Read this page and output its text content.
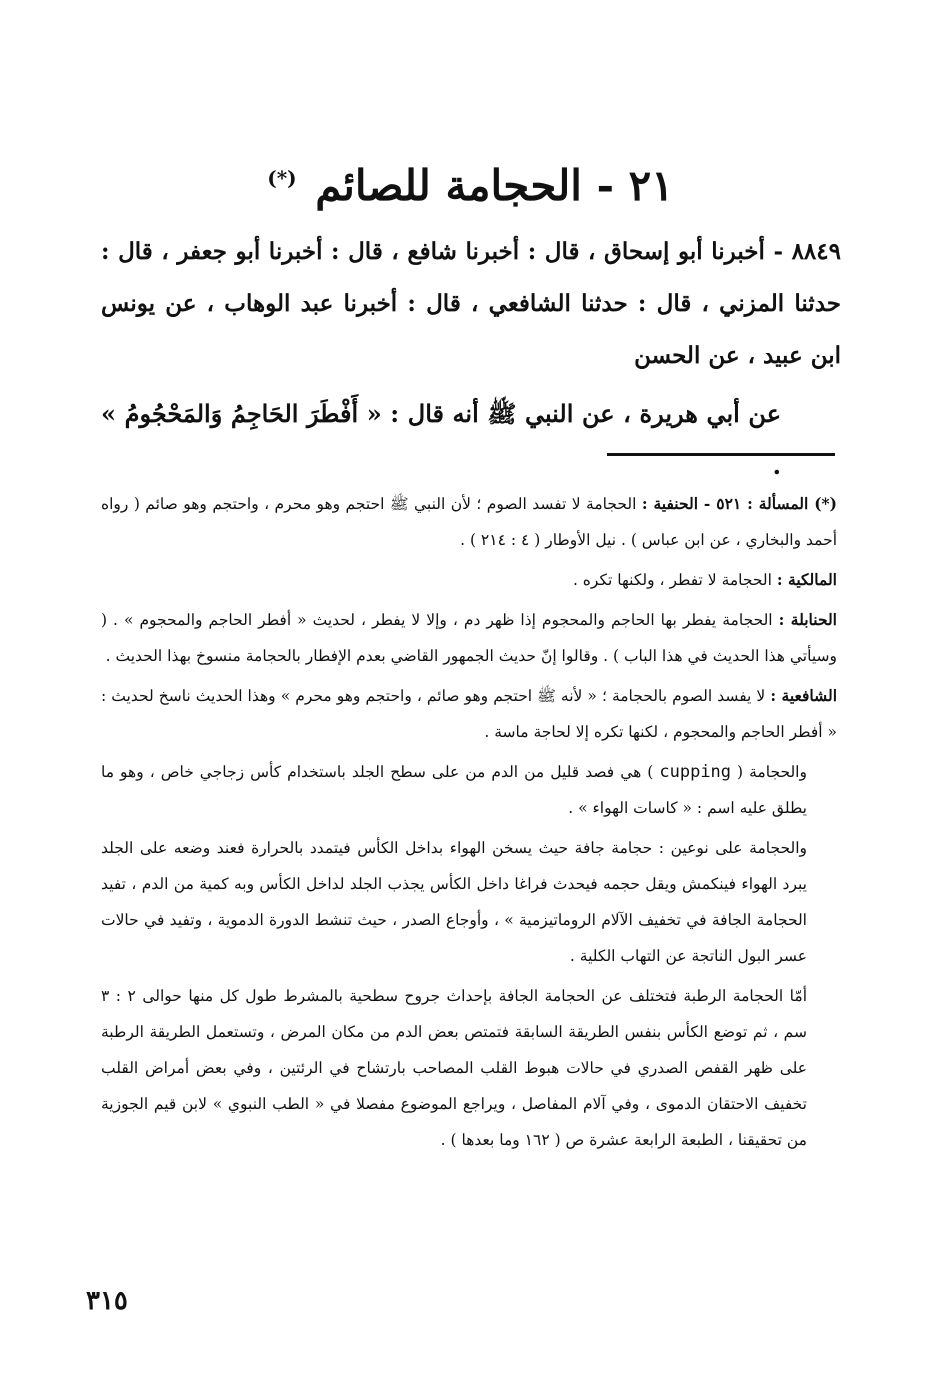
٢١ - الحجامة للصائم (*)

٨٨٤٩ - أخبرنا أبو إسحاق ، قال : أخبرنا شافع ، قال : أخبرنا أبو جعفر ، قال : حدثنا المزني ، قال : حدثنا الشافعي ، قال : أخبرنا عبد الوهاب ، عن يونس ابن عبيد ، عن الحسن

عن أبي هريرة ، عن النبي ﷺ أنه قال : « أَفْطَرَ الحَاجِمُ وَالمَحْجُومُ » .

(*) المسألة : ٥٢١ - الحنفية : الحجامة لا تفسد الصوم ؛ لأن النبي ﷺ احتجم وهو محرم ، واحتجم وهو صائم ( رواه أحمد والبخاري ، عن ابن عباس ) . نيل الأوطار ( ٤ : ٢١٤ ) .

المالكية : الحجامة لا تفطر ، ولكنها تكره .

الحنابلة : الحجامة يفطر بها الحاجم والمحجوم إذا ظهر دم ، وإلا لا يفطر ، لحديث « أفطر الحاجم والمحجوم » . ( وسيأتي هذا الحديث في هذا الباب ) . وقالوا إنّ حديث الجمهور القاضي بعدم الإفطار بالحجامة منسوخ بهذا الحديث .

الشافعية : لا يفسد الصوم بالحجامة ؛ « لأنه ﷺ احتجم وهو صائم ، واحتجم وهو محرم » وهذا الحديث ناسخ لحديث : « أفطر الحاجم والمحجوم ، لكنها تكره إلا لحاجة ماسة .

والحجامة ( cupping ) هي فصد قليل من الدم من على سطح الجلد باستخدام كأس زجاجي خاص ، وهو ما يطلق عليه اسم : « كاسات الهواء » .

والحجامة على نوعين : حجامة جافة حيث يسخن الهواء بداخل الكأس فيتمدد بالحرارة فعند وضعه على الجلد يبرد الهواء فينكمش ويقل حجمه فيحدث فراغا داخل الكأس يجذب الجلد لداخل الكأس وبه كمية من الدم ، تفيد الحجامة الجافة في تخفيف الآلام الروماتيزمية » ، وأوجاع الصدر ، حيث تنشط الدورة الدموية ، وتفيد في حالات عسر البول الناتجة عن التهاب الكلية .

أمّا الحجامة الرطبة فتختلف عن الحجامة الجافة بإحداث جروح سطحية بالمشرط طول كل منها حوالى ٢ : ٣ سم ، ثم توضع الكأس بنفس الطريقة السابقة فتمتص بعض الدم من مكان المرض ، وتستعمل الطريقة الرطبة على ظهر القفص الصدري في حالات هبوط القلب المصاحب بارتشاح في الرئتين ، وفي بعض أمراض القلب تخفيف الاحتقان الدموى ، وفي آلام المفاصل ، ويراجع الموضوع مفصلا في « الطب النبوي » لابن قيم الجوزية من تحقيقنا ، الطبعة الرابعة عشرة ص ( ١٦٢ وما بعدها ) .

٣١٥
